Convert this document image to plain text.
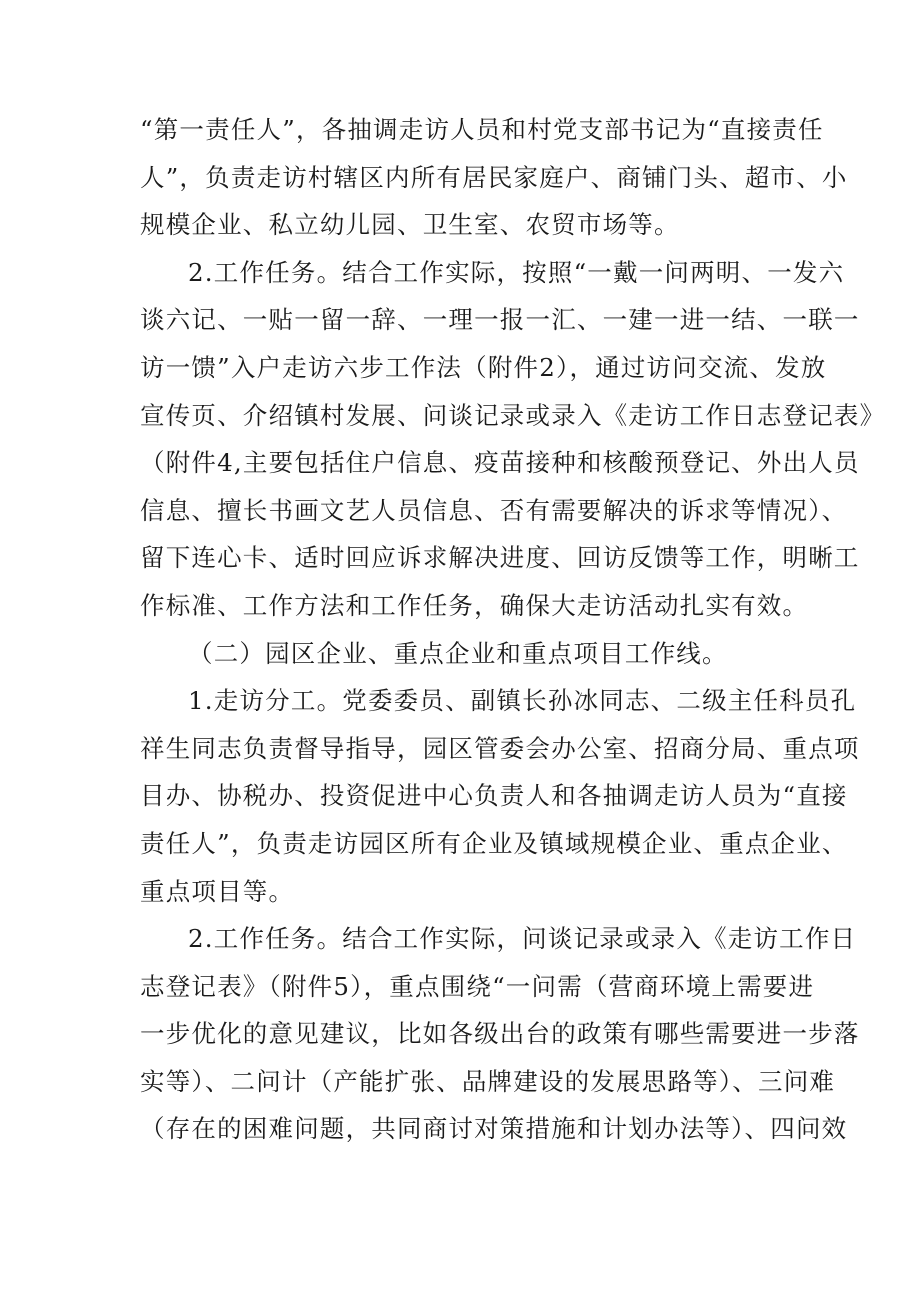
“第一责任人”，各抽调走访人员和村党支部书记为“直接责任
人”，负责走访村辖区内所有居民家庭户、商铺门头、超市、小
规模企业、私立幼儿园、卫生室、农贸市场等。
2.工作任务。结合工作实际，按照“一戴一问两明、一发六
谈六记、一贴一留一辞、一理一报一汇、一建一进一结、一联一
访一馈”入户走访六步工作法（附件2），通过访问交流、发放
宣传页、介绍镇村发展、问谈记录或录入《走访工作日志登记表》
（附件4,主要包括住户信息、疫苗接种和核酸预登记、外出人员
信息、擅长书画文艺人员信息、否有需要解决的诉求等情况）、
留下连心卡、适时回应诉求解决进度、回访反馈等工作，明晰工
作标准、工作方法和工作任务，确保大走访活动扎实有效。
（二）园区企业、重点企业和重点项目工作线。
1.走访分工。党委委员、副镇长孙冰同志、二级主任科员孔
祥生同志负责督导指导，园区管委会办公室、招商分局、重点项
目办、协税办、投资促进中心负责人和各抽调走访人员为“直接
责任人”，负责走访园区所有企业及镇域规模企业、重点企业、
重点项目等。
2.工作任务。结合工作实际，问谈记录或录入《走访工作日
志登记表》（附件5），重点围绕“一问需（营商环境上需要进
一步优化的意见建议，比如各级出台的政策有哪些需要进一步落
实等）、二问计（产能扩张、品牌建设的发展思路等）、三问难
（存在的困难问题，共同商讨对策措施和计划办法等）、四问效
